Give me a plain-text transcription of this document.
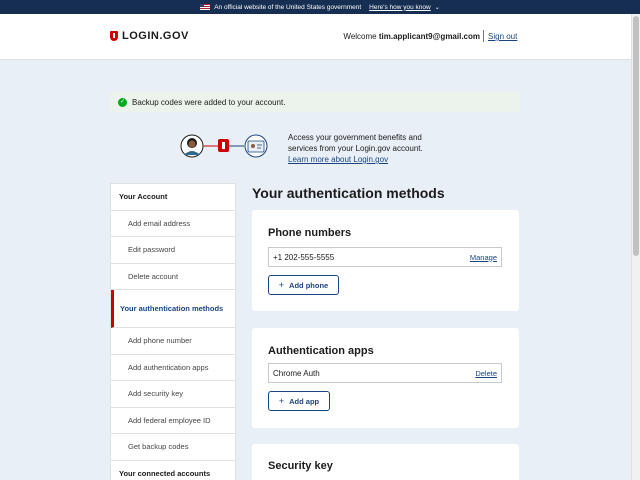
An official website of the United States government Here's how you know ⌄
LOGIN.GOV	Welcome tim.applicant9@gmail.com Sign out
✓ Backup codes were added to your account.
Access your government benefits and services from your Login.gov account.
Learn more about Login.gov
Your Account
Add email address
Edit password
Delete account
Your authentication methods
Add phone number
Add authentication apps
Add security key
Add federal employee ID
Get backup codes
Your connected accounts
Your authentication methods
Phone numbers
+1 202-555-5555	Manage
+ Add phone
Authentication apps
Chrome Auth	Delete
+ Add app
Security key
